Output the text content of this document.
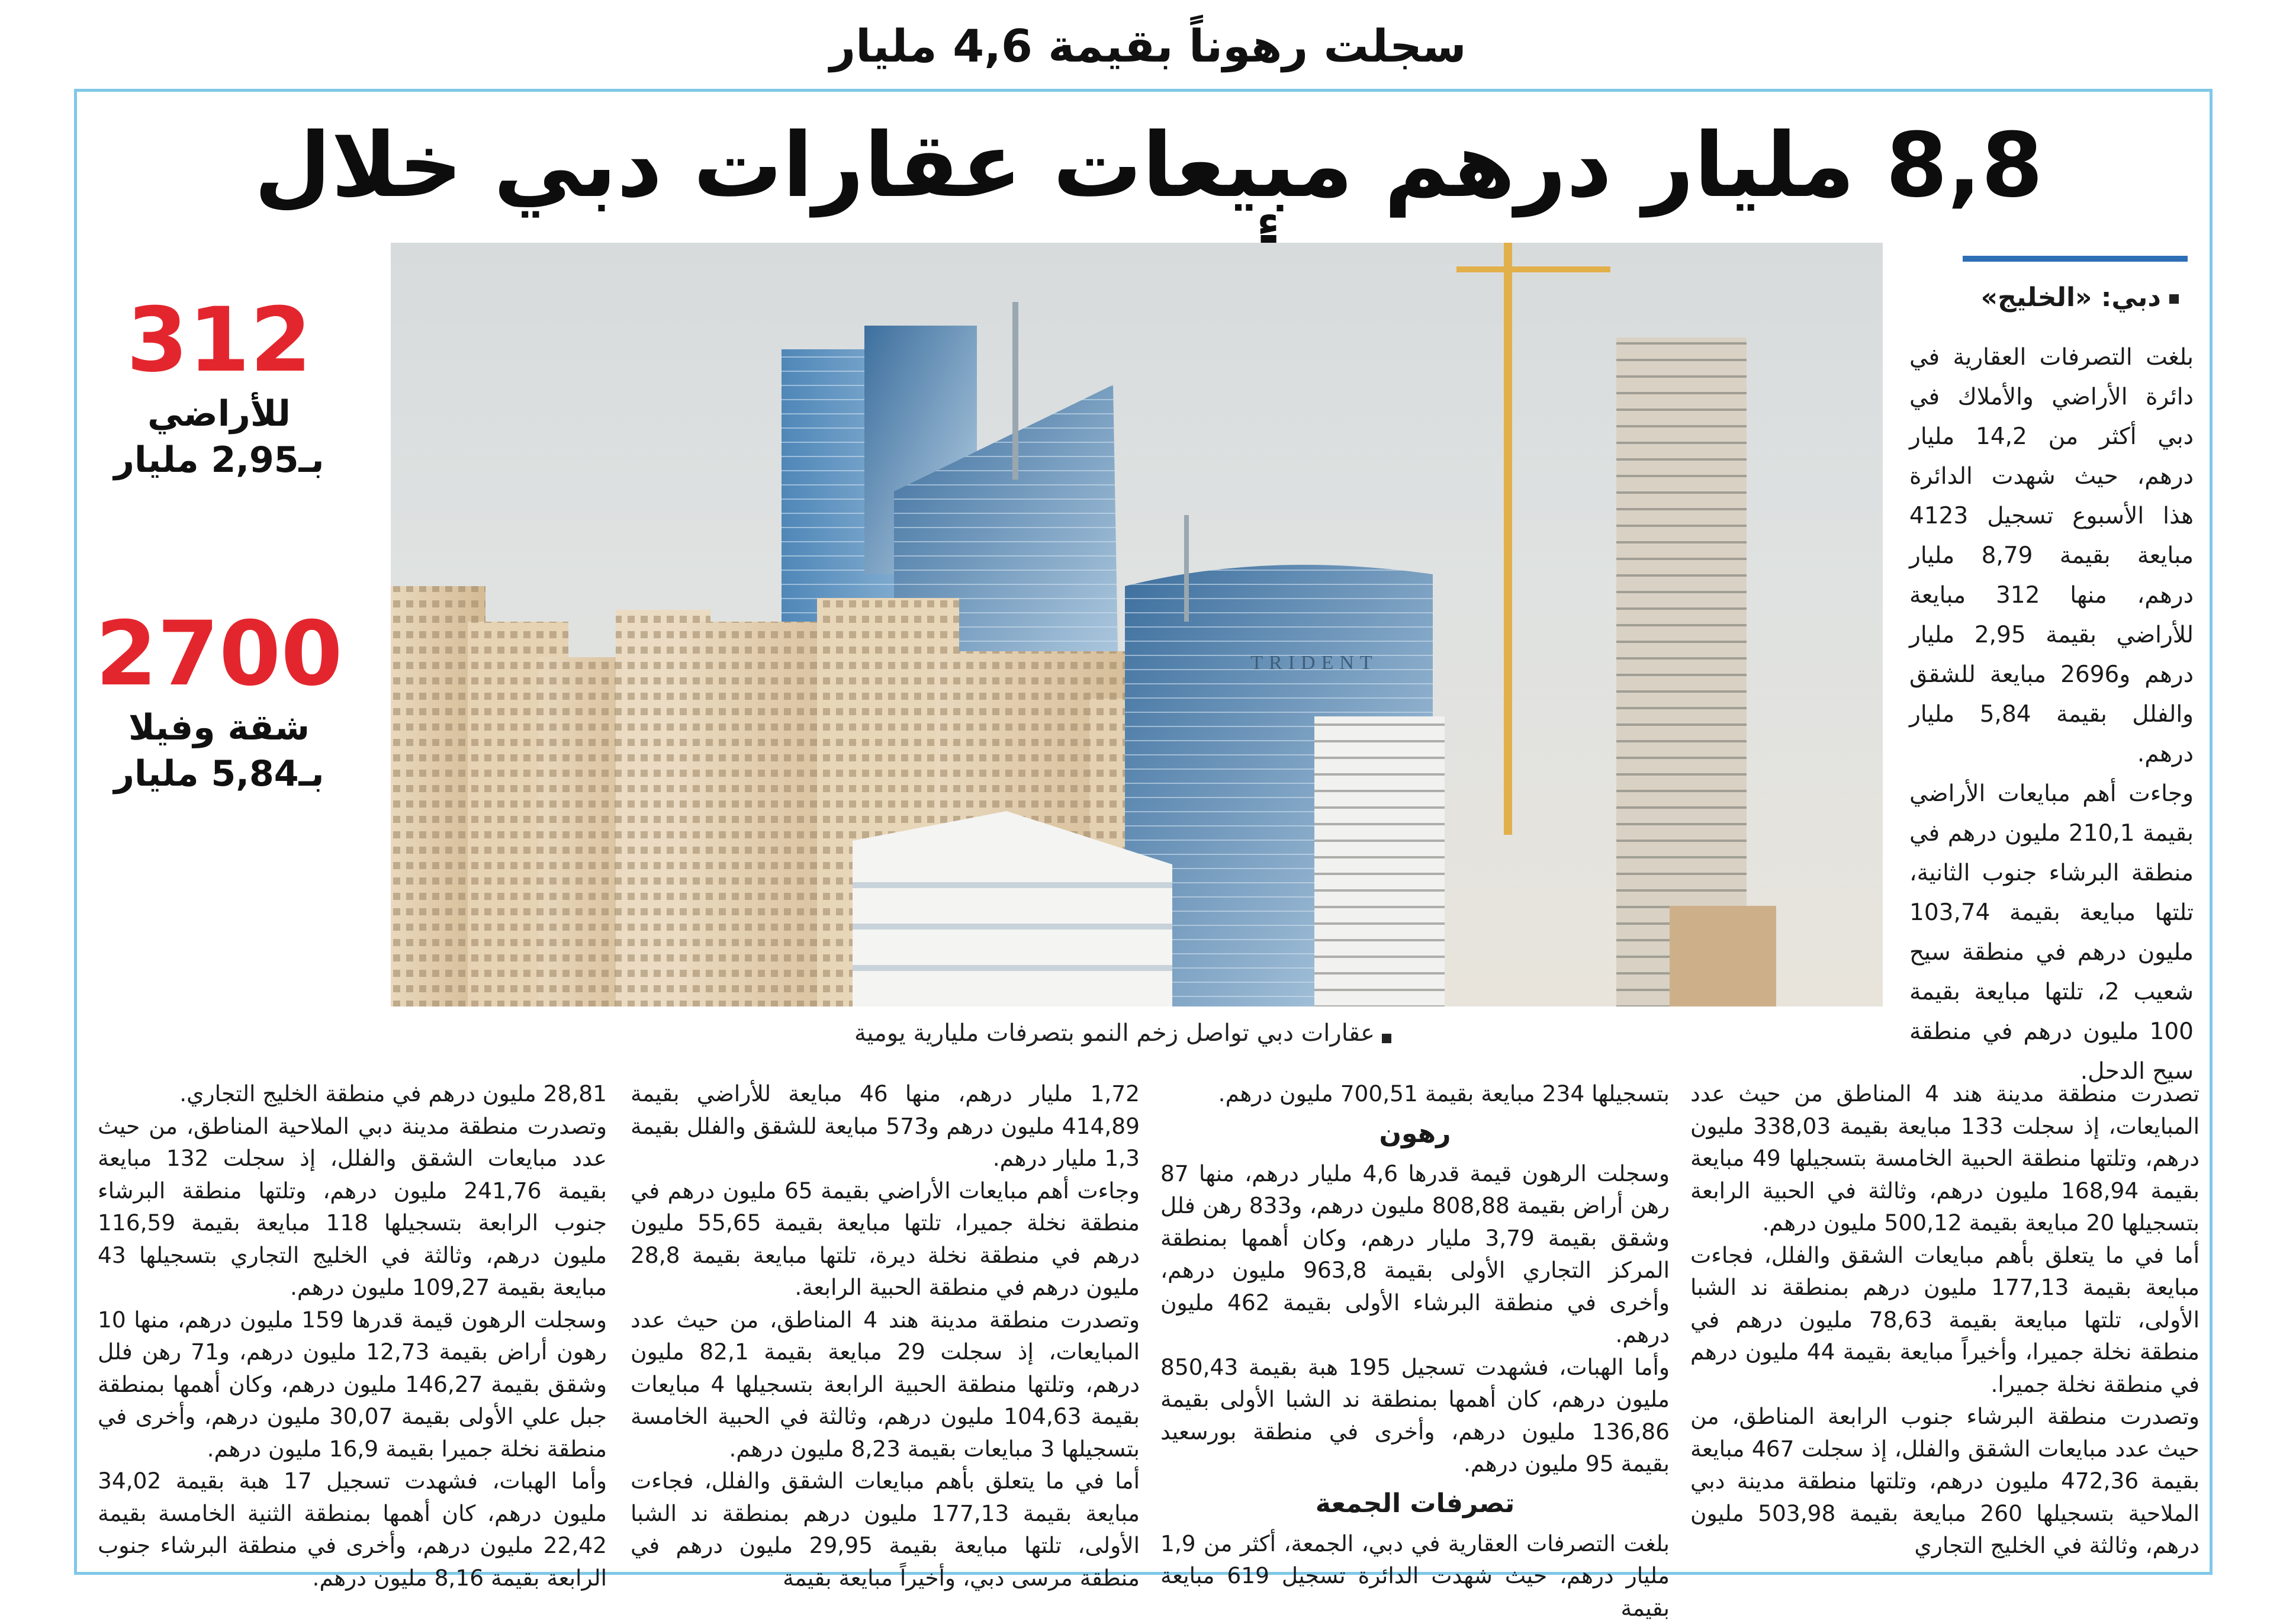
سجلت رهوناً بقيمة 4,6 مليار
8,8 مليار درهم مبيعات عقارات دبي خلال
TRIDENT
عقارات دبي تواصل زخم النمو بتصرفات مليارية يومية
دبي: «الخليج»

بلغت التصرفات العقارية في دائرة الأراضي والأملاك في دبي أكثر من 14,2 مليار درهم، حيث شهدت الدائرة هذا الأسبوع تسجيل 4123 مبايعة بقيمة 8,79 مليار درهم، منها 312 مبايعة للأراضي بقيمة 2,95 مليار درهم و2696 مبايعة للشقق والفلل بقيمة 5,84 مليار درهم.

وجاءت أهم مبايعات الأراضي بقيمة 210,1 مليون درهم في منطقة البرشاء جنوب الثانية، تلتها مبايعة بقيمة 103,74 مليون درهم في منطقة سيح شعيب 2، تلتها مبايعة بقيمة 100 مليون درهم في منطقة سيح الدحل.

312
للأراضي
بـ2,95 مليار
2700
شقة وفيلا
بـ5,84 مليار

تصدرت منطقة مدينة هند 4 المناطق من حيث عدد المبايعات، إذ سجلت 133 مبايعة بقيمة 338,03 مليون درهم، وتلتها منطقة الحبية الخامسة بتسجيلها 49 مبايعة بقيمة 168,94 مليون درهم، وثالثة في الحبية الرابعة بتسجيلها 20 مبايعة بقيمة 500,12 مليون درهم.

أما في ما يتعلق بأهم مبايعات الشقق والفلل، فجاءت مبايعة بقيمة 177,13 مليون درهم بمنطقة ند الشبا الأولى، تلتها مبايعة بقيمة 78,63 مليون درهم في منطقة نخلة جميرا، وأخيراً مبايعة بقيمة 44 مليون درهم في منطقة نخلة جميرا.

وتصدرت منطقة البرشاء جنوب الرابعة المناطق، من حيث عدد مبايعات الشقق والفلل، إذ سجلت 467 مبايعة بقيمة 472,36 مليون درهم، وتلتها منطقة مدينة دبي الملاحية بتسجيلها 260 مبايعة بقيمة 503,98 مليون درهم، وثالثة في الخليج التجاري

بتسجيلها 234 مبايعة بقيمة 700,51 مليون درهم.

رهون

وسجلت الرهون قيمة قدرها 4,6 مليار درهم، منها 87 رهن أراض بقيمة 808,88 مليون درهم، و833 رهن فلل وشقق بقيمة 3,79 مليار درهم، وكان أهمها بمنطقة المركز التجاري الأولى بقيمة 963,8 مليون درهم، وأخرى في منطقة البرشاء الأولى بقيمة 462 مليون درهم.

وأما الهبات، فشهدت تسجيل 195 هبة بقيمة 850,43 مليون درهم، كان أهمها بمنطقة ند الشبا الأولى بقيمة 136,86 مليون درهم، وأخرى في منطقة بورسعيد بقيمة 95 مليون درهم.

تصرفات الجمعة

بلغت التصرفات العقارية في دبي، الجمعة، أكثر من 1,9 مليار درهم، حيث شهدت الدائرة تسجيل 619 مبايعة بقيمة

1,72 مليار درهم، منها 46 مبايعة للأراضي بقيمة 414,89 مليون درهم و573 مبايعة للشقق والفلل بقيمة 1,3 مليار درهم.

وجاءت أهم مبايعات الأراضي بقيمة 65 مليون درهم في منطقة نخلة جميرا، تلتها مبايعة بقيمة 55,65 مليون درهم في منطقة نخلة ديرة، تلتها مبايعة بقيمة 28,8 مليون درهم في منطقة الحبية الرابعة.

وتصدرت منطقة مدينة هند 4 المناطق، من حيث عدد المبايعات، إذ سجلت 29 مبايعة بقيمة 82,1 مليون درهم، وتلتها منطقة الحبية الرابعة بتسجيلها 4 مبايعات بقيمة 104,63 مليون درهم، وثالثة في الحبية الخامسة بتسجيلها 3 مبايعات بقيمة 8,23 مليون درهم.

أما في ما يتعلق بأهم مبايعات الشقق والفلل، فجاءت مبايعة بقيمة 177,13 مليون درهم بمنطقة ند الشبا الأولى، تلتها مبايعة بقيمة 29,95 مليون درهم في منطقة مرسى دبي، وأخيراً مبايعة بقيمة

28,81 مليون درهم في منطقة الخليج التجاري.

وتصدرت منطقة مدينة دبي الملاحية المناطق، من حيث عدد مبايعات الشقق والفلل، إذ سجلت 132 مبايعة بقيمة 241,76 مليون درهم، وتلتها منطقة البرشاء جنوب الرابعة بتسجيلها 118 مبايعة بقيمة 116,59 مليون درهم، وثالثة في الخليج التجاري بتسجيلها 43 مبايعة بقيمة 109,27 مليون درهم.

وسجلت الرهون قيمة قدرها 159 مليون درهم، منها 10 رهون أراض بقيمة 12,73 مليون درهم، و71 رهن فلل وشقق بقيمة 146,27 مليون درهم، وكان أهمها بمنطقة جبل علي الأولى بقيمة 30,07 مليون درهم، وأخرى في منطقة نخلة جميرا بقيمة 16,9 مليون درهم.

وأما الهبات، فشهدت تسجيل 17 هبة بقيمة 34,02 مليون درهم، كان أهمها بمنطقة الثنية الخامسة بقيمة 22,42 مليون درهم، وأخرى في منطقة البرشاء جنوب الرابعة بقيمة 8,16 مليون درهم.
